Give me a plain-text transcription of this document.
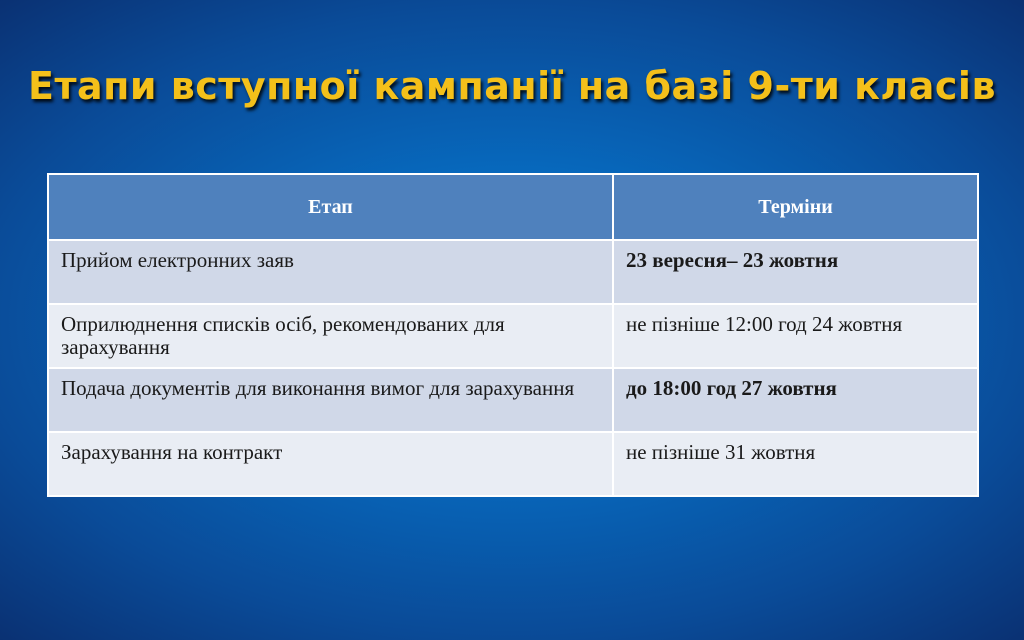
Етапи вступної кампанії на базі 9-ти класів
Етап	Терміни
Прийом електронних заяв	23 вересня– 23 жовтня
Оприлюднення списків осіб, рекомендованих для зарахування	не пізніше 12:00 год 24 жовтня
Подача документів для виконання вимог для зарахування	до 18:00 год 27 жовтня
Зарахування на контракт	не пізніше 31 жовтня
